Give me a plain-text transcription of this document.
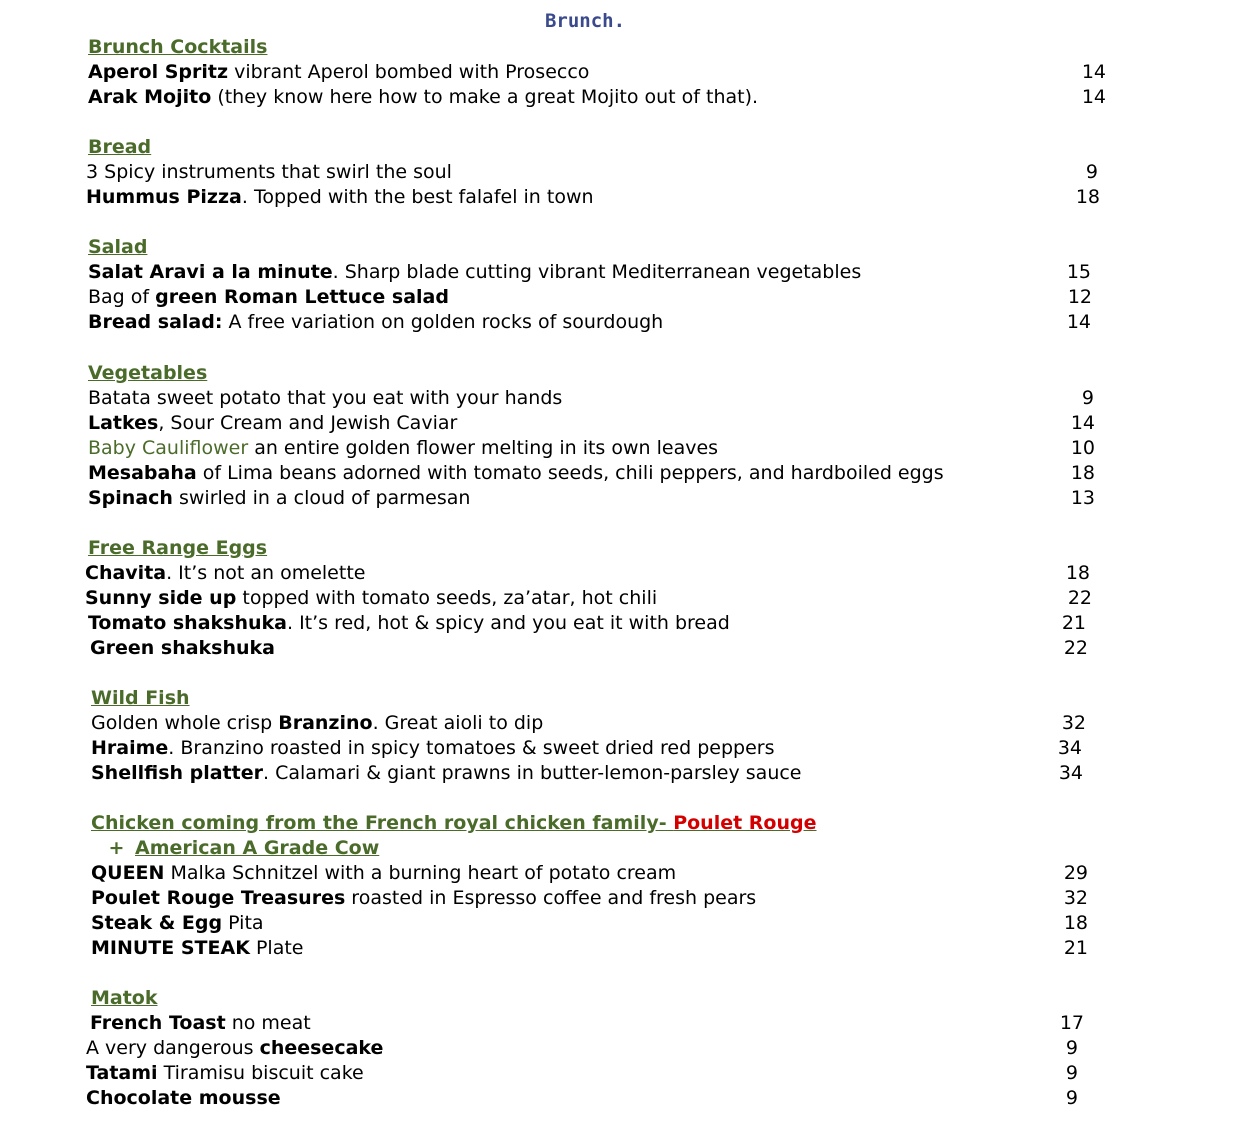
Brunch.
Brunch Cocktails
Aperol Spritz vibrant Aperol bombed with Prosecco	14
Arak Mojito (they know here how to make a great Mojito out of that).	14
Bread
3 Spicy instruments that swirl the soul	9
Hummus Pizza. Topped with the best falafel in town	18
Salad
Salat Aravi a la minute. Sharp blade cutting vibrant Mediterranean vegetables	15
Bag of green Roman Lettuce salad	12
Bread salad: A free variation on golden rocks of sourdough	14
Vegetables
Batata sweet potato that you eat with your hands	9
Latkes, Sour Cream and Jewish Caviar	14
Baby Cauliflower an entire golden flower melting in its own leaves	10
Mesabaha of Lima beans adorned with tomato seeds, chili peppers, and hardboiled eggs	18
Spinach swirled in a cloud of parmesan	13
Free Range Eggs
Chavita. It’s not an omelette	18
Sunny side up topped with tomato seeds, za’atar, hot chili	22
Tomato shakshuka. It’s red, hot & spicy and you eat it with bread	21
Green shakshuka	22
Wild Fish
Golden whole crisp Branzino. Great aioli to dip	32
Hraime. Branzino roasted in spicy tomatoes & sweet dried red peppers	34
Shellfish platter. Calamari & giant prawns in butter-lemon-parsley sauce	34
Chicken coming from the French royal chicken family- Poulet Rouge
+ American A Grade Cow
QUEEN Malka Schnitzel with a burning heart of potato cream	29
Poulet Rouge Treasures roasted in Espresso coffee and fresh pears	32
Steak & Egg Pita	18
MINUTE STEAK Plate	21
Matok
French Toast no meat	17
A very dangerous cheesecake	9
Tatami Tiramisu biscuit cake	9
Chocolate mousse	9
